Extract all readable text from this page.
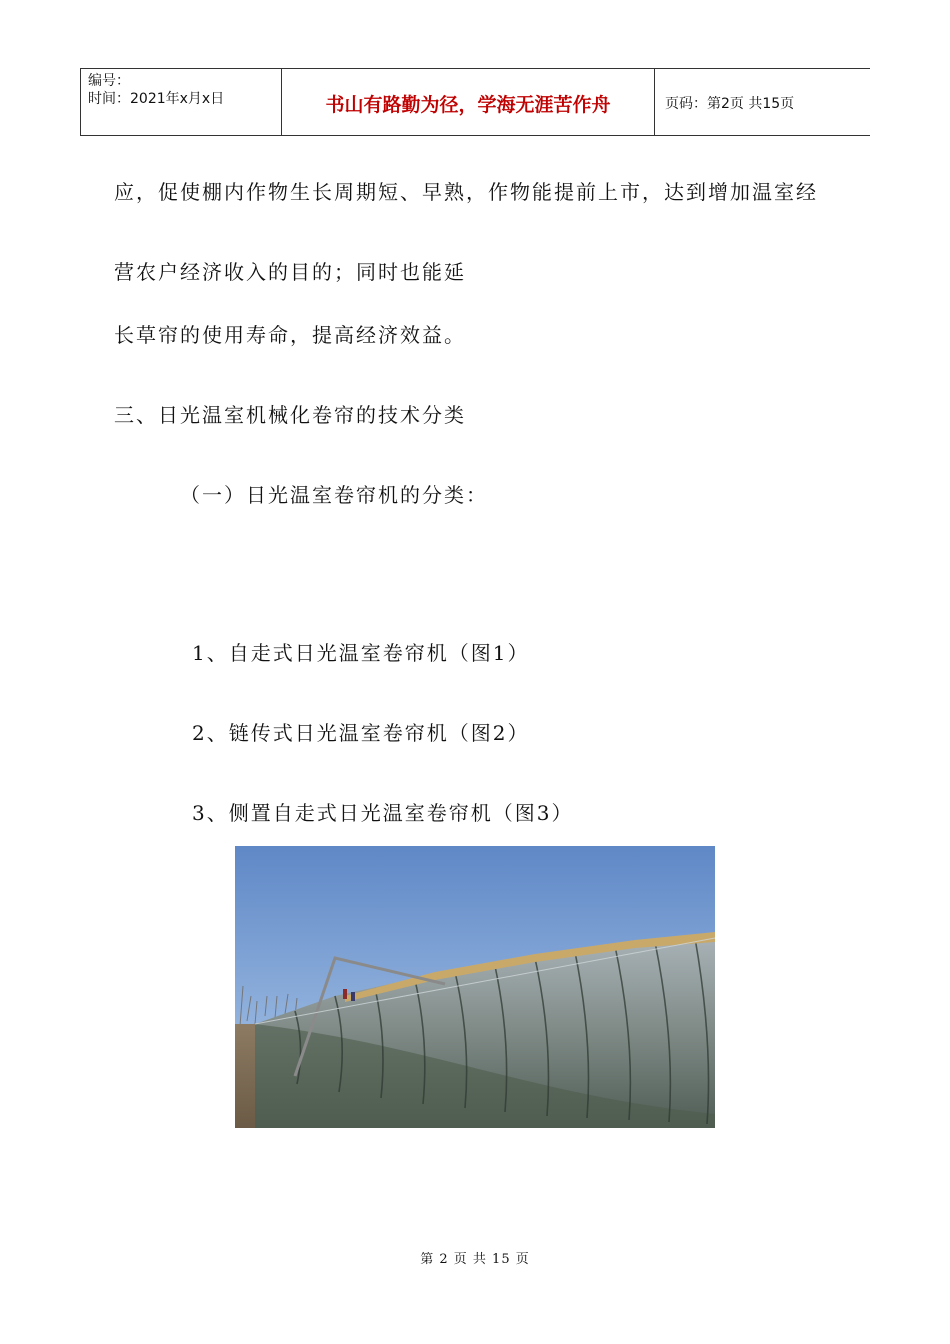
编号：
时间：2021年x月x日	书山有路勤为径，学海无涯苦作舟	页码：第2页 共15页
应，促使棚内作物生长周期短、早熟，作物能提前上市，达到增加温室经
营农户经济收入的目的；同时也能延
长草帘的使用寿命，提高经济效益。
三、日光温室机械化卷帘的技术分类
（一）日光温室卷帘机的分类：
1、自走式日光温室卷帘机（图1）
2、链传式日光温室卷帘机（图2）
3、侧置自走式日光温室卷帘机（图3）
第 2 页 共 15 页
